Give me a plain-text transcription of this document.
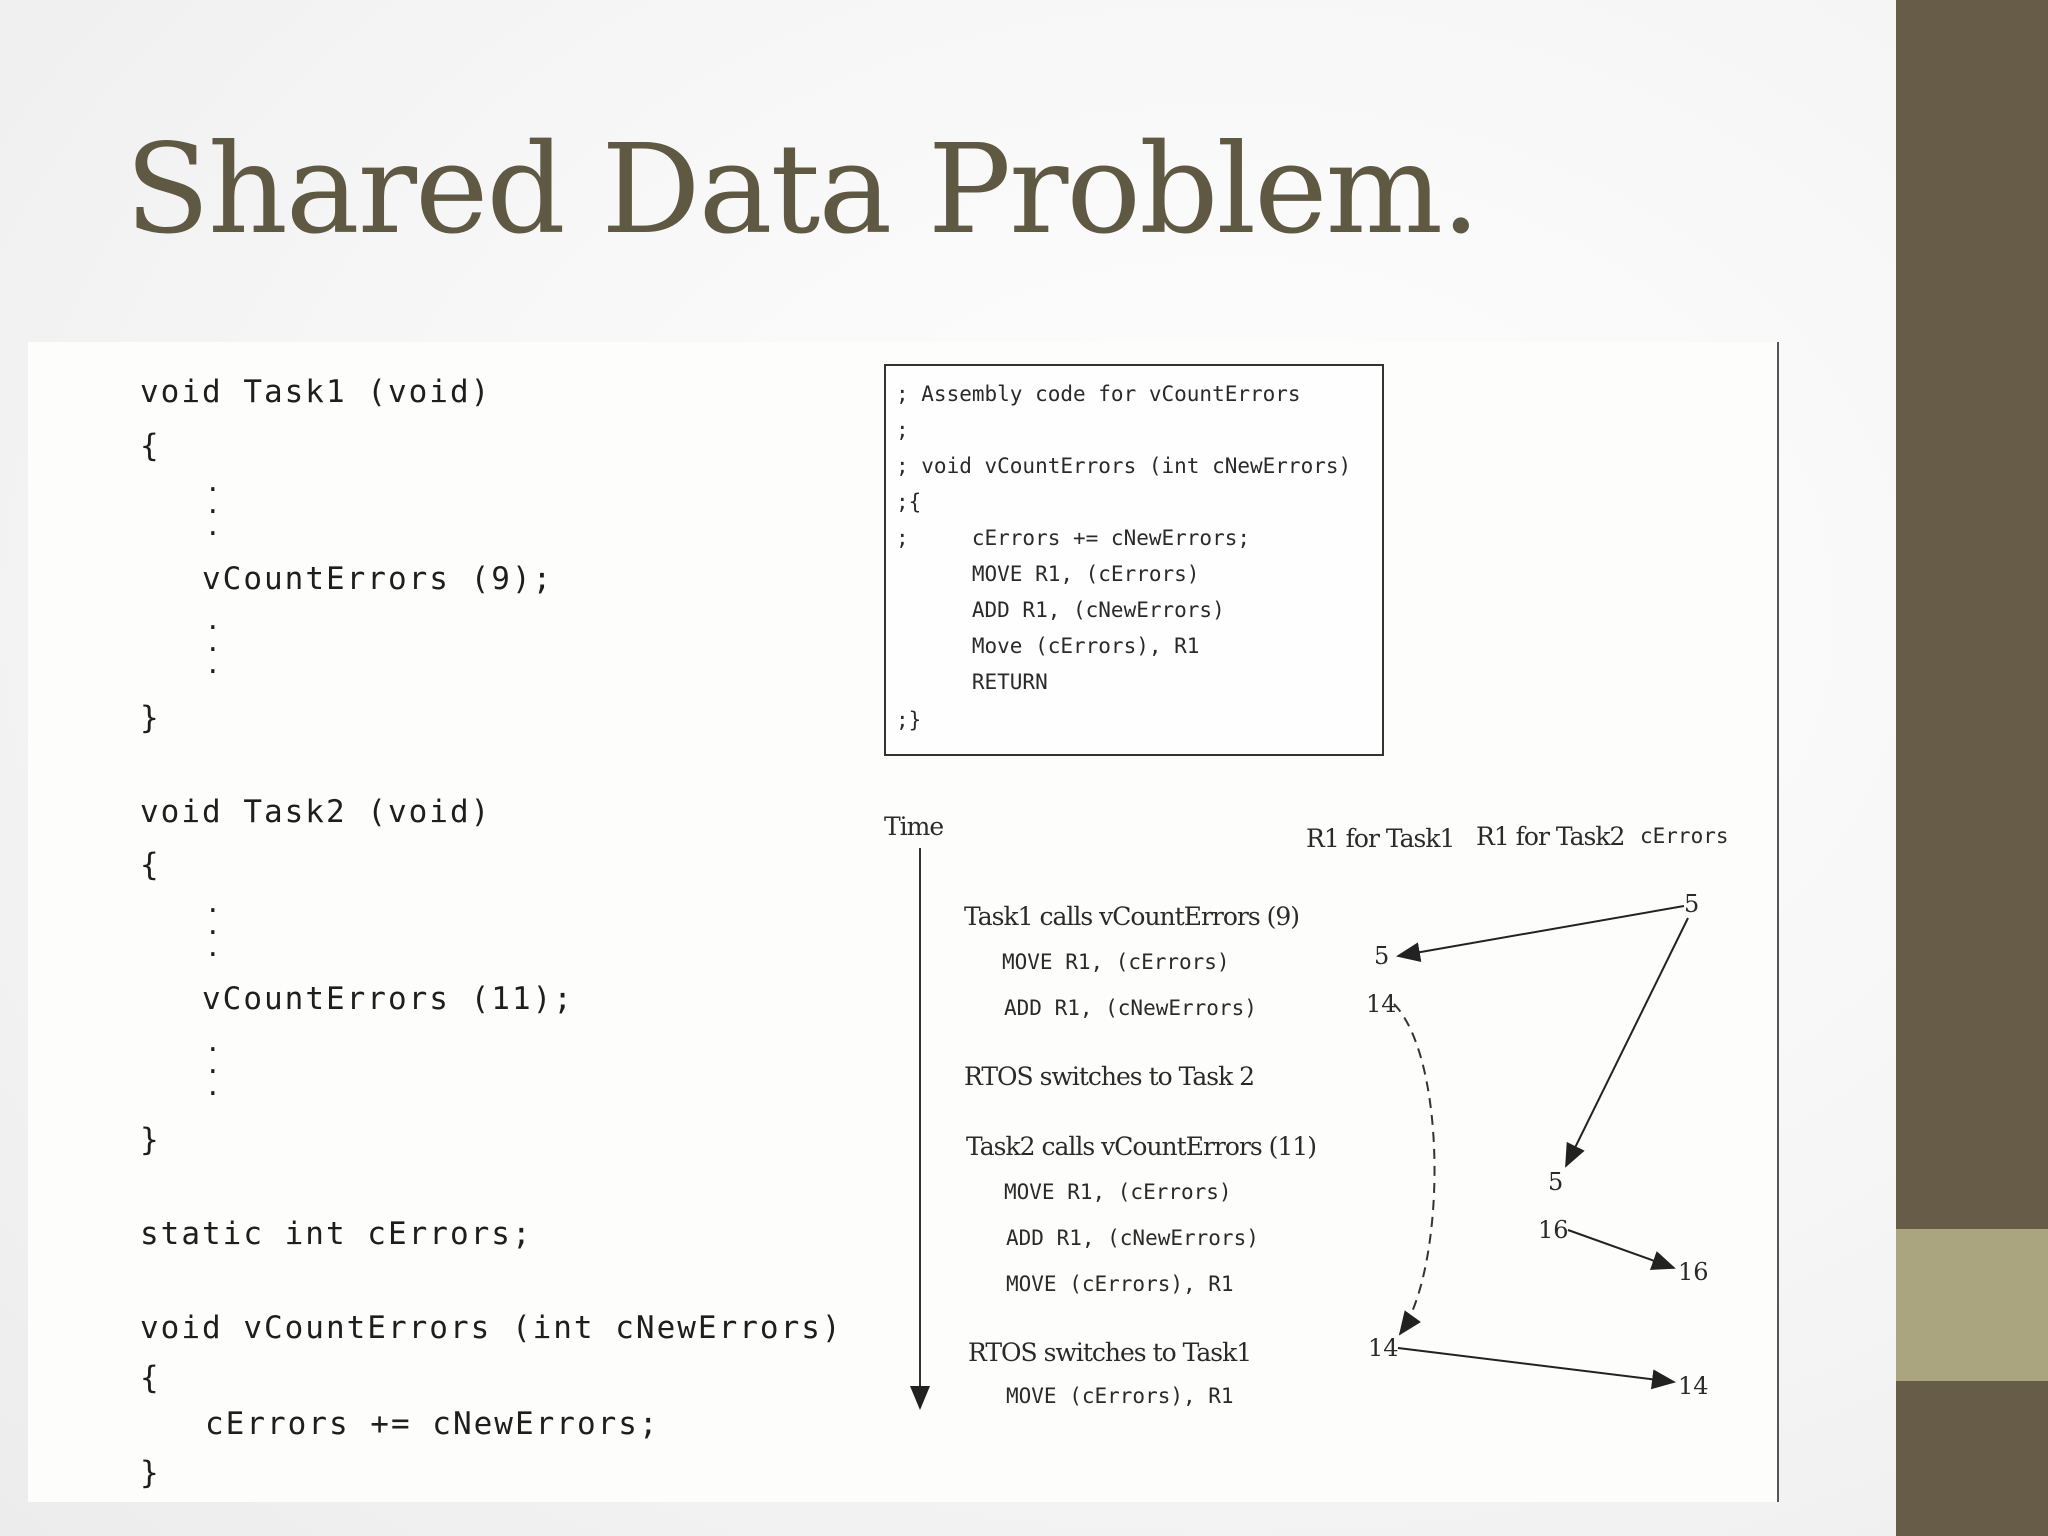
Shared Data Problem.
void Task1 (void)
{
.
.
.
vCountErrors (9);
.
.
.
}
void Task2 (void)
{
.
.
.
vCountErrors (11);
.
.
.
}
static int cErrors;
void vCountErrors (int cNewErrors)
{
cErrors += cNewErrors;
}
; Assembly code for vCountErrors
;
; void vCountErrors (int cNewErrors)
;{
;     cErrors += cNewErrors;
MOVE R1, (cErrors)
ADD R1, (cNewErrors)
Move (cErrors), R1
RETURN
;}
Time	R1 for Task1 R1 for Task2 cErrors
Task1 calls vCountErrors (9)
MOVE R1, (cErrors)
ADD R1, (cNewErrors)
RTOS switches to Task 2
Task2 calls vCountErrors (11)
MOVE R1, (cErrors)
ADD R1, (cNewErrors)
MOVE (cErrors), R1
RTOS switches to Task1
MOVE (cErrors), R1
5
5
14
5
16
16
14
14
